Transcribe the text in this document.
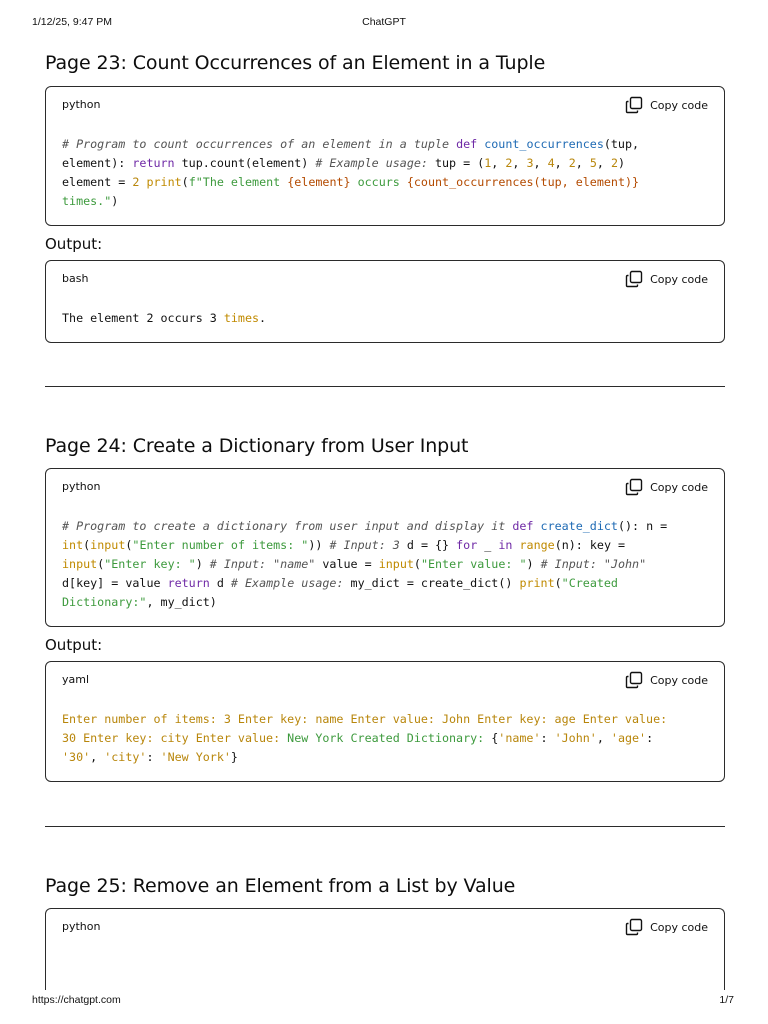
1/12/25, 9:47 PM	ChatGPT
Page 23: Count Occurrences of an Element in a Tuple
python	Copy code
# Program to count occurrences of an element in a tuple def count_occurrences(tup,
element): return tup.count(element) # Example usage: tup = (1, 2, 3, 4, 2, 5, 2)
element = 2 print(f"The element {element} occurs {count_occurrences(tup, element)}
times.")
Output:
bash	Copy code
The element 2 occurs 3 times.
Page 24: Create a Dictionary from User Input
python	Copy code
# Program to create a dictionary from user input and display it def create_dict(): n =
int(input("Enter number of items: ")) # Input: 3 d = {} for _ in range(n): key =
input("Enter key: ") # Input: "name" value = input("Enter value: ") # Input: "John"
d[key] = value return d # Example usage: my_dict = create_dict() print("Created
Dictionary:", my_dict)
Output:
yaml	Copy code
Enter number of items: 3 Enter key: name Enter value: John Enter key: age Enter value:
30 Enter key: city Enter value: New York Created Dictionary: {'name': 'John', 'age':
'30', 'city': 'New York'}
Page 25: Remove an Element from a List by Value
python	Copy code
https://chatgpt.com	1/7
